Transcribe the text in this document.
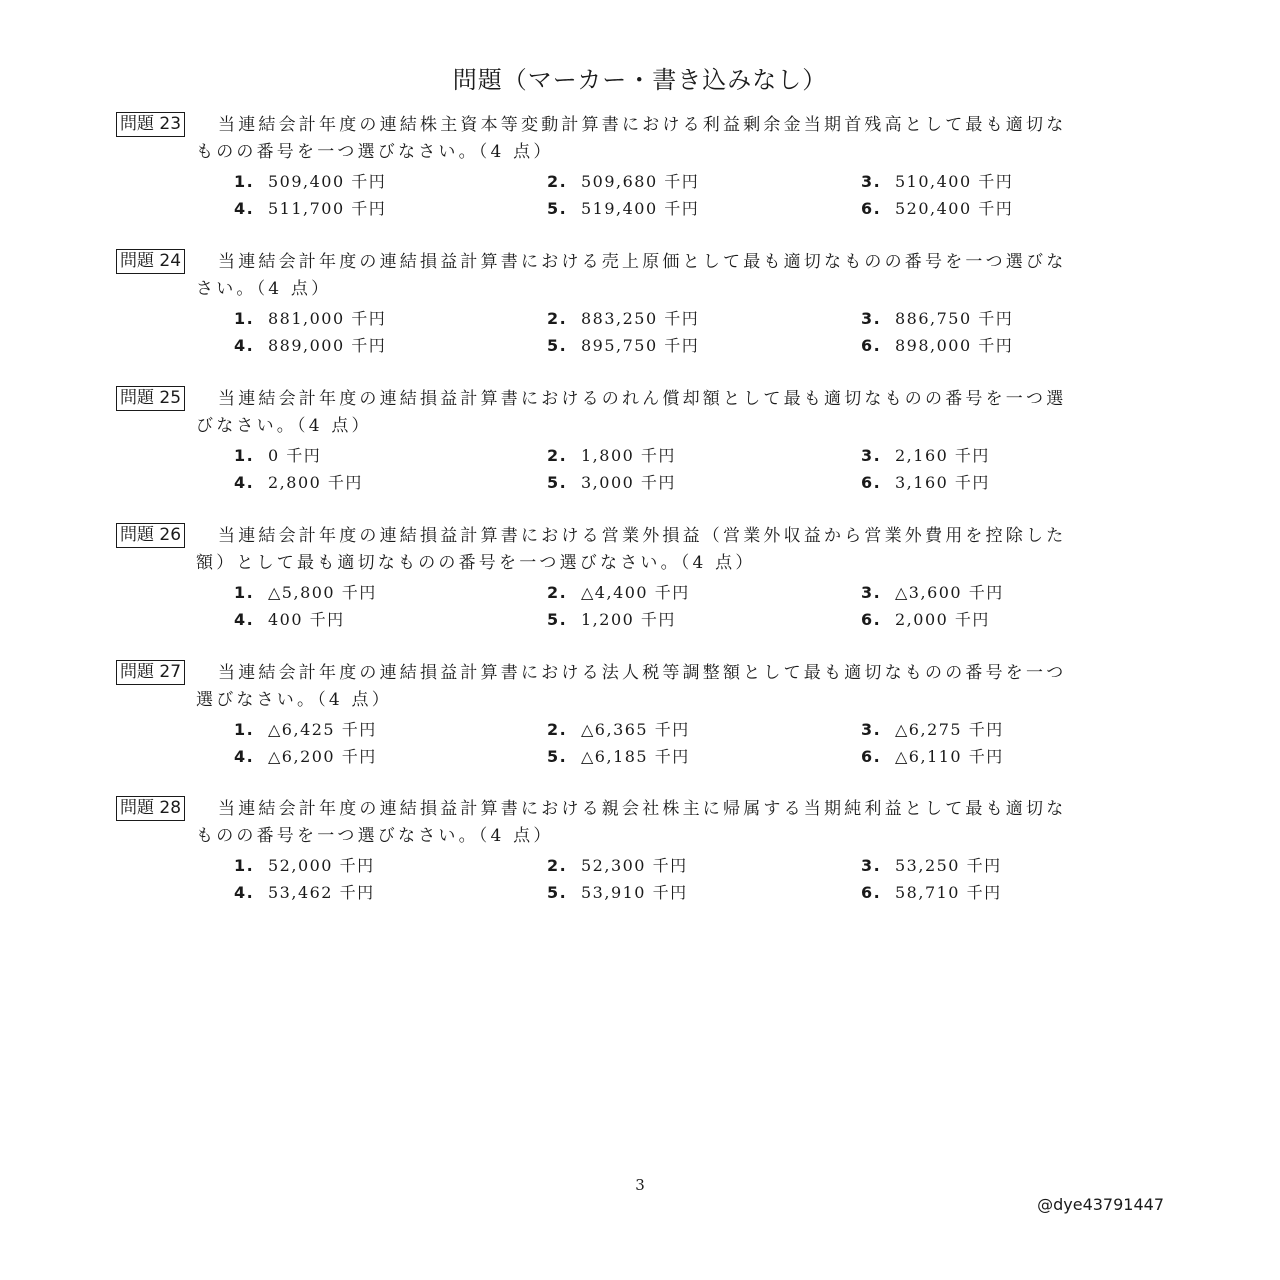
問題（マーカー・書き込みなし）
問題 23 当連結会計年度の連結株主資本等変動計算書における利益剰余金当期首残高として最も適切な
ものの番号を一つ選びなさい。（4 点）
1. 509,400 千円	2. 509,680 千円	3. 510,400 千円
4. 511,700 千円	5. 519,400 千円	6. 520,400 千円
問題 24 当連結会計年度の連結損益計算書における売上原価として最も適切なものの番号を一つ選びな
さい。（4 点）
1. 881,000 千円	2. 883,250 千円	3. 886,750 千円
4. 889,000 千円	5. 895,750 千円	6. 898,000 千円
問題 25 当連結会計年度の連結損益計算書におけるのれん償却額として最も適切なものの番号を一つ選
びなさい。（4 点）
1. 0 千円	2. 1,800 千円	3. 2,160 千円
4. 2,800 千円	5. 3,000 千円	6. 3,160 千円
問題 26 当連結会計年度の連結損益計算書における営業外損益（営業外収益から営業外費用を控除した
額）として最も適切なものの番号を一つ選びなさい。（4 点）
1. △5,800 千円	2. △4,400 千円	3. △3,600 千円
4. 400 千円	5. 1,200 千円	6. 2,000 千円
問題 27 当連結会計年度の連結損益計算書における法人税等調整額として最も適切なものの番号を一つ
選びなさい。（4 点）
1. △6,425 千円	2. △6,365 千円	3. △6,275 千円
4. △6,200 千円	5. △6,185 千円	6. △6,110 千円
問題 28 当連結会計年度の連結損益計算書における親会社株主に帰属する当期純利益として最も適切な
ものの番号を一つ選びなさい。（4 点）
1. 52,000 千円	2. 52,300 千円	3. 53,250 千円
4. 53,462 千円	5. 53,910 千円	6. 58,710 千円
3
@dye43791447
